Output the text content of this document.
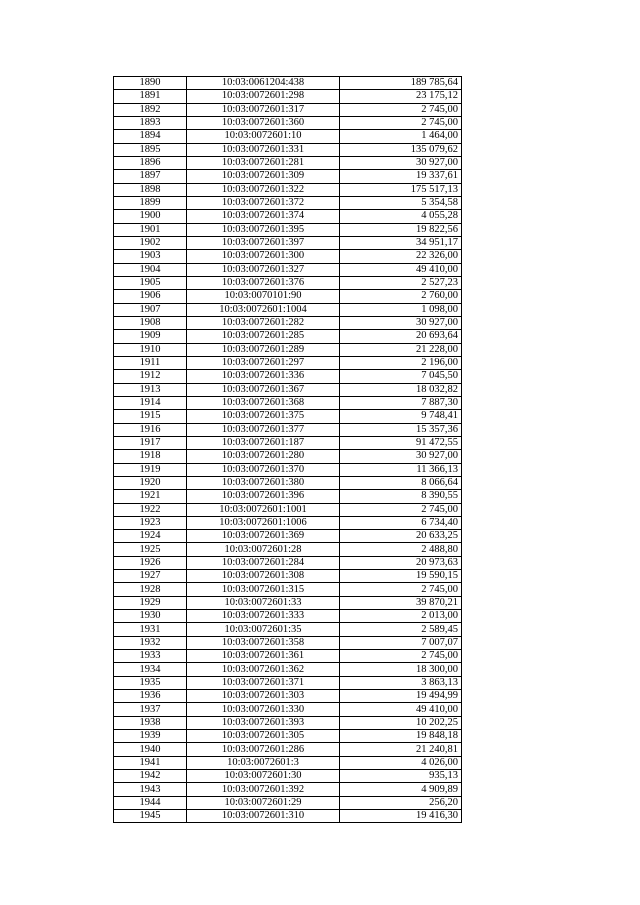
1890	10:03:0061204:438	189 785,64
1891	10:03:0072601:298	23 175,12
1892	10:03:0072601:317	2 745,00
1893	10:03:0072601:360	2 745,00
1894	10:03:0072601:10	1 464,00
1895	10:03:0072601:331	135 079,62
1896	10:03:0072601:281	30 927,00
1897	10:03:0072601:309	19 337,61
1898	10:03:0072601:322	175 517,13
1899	10:03:0072601:372	5 354,58
1900	10:03:0072601:374	4 055,28
1901	10:03:0072601:395	19 822,56
1902	10:03:0072601:397	34 951,17
1903	10:03:0072601:300	22 326,00
1904	10:03:0072601:327	49 410,00
1905	10:03:0072601:376	2 527,23
1906	10:03:0070101:90	2 760,00
1907	10:03:0072601:1004	1 098,00
1908	10:03:0072601:282	30 927,00
1909	10:03:0072601:285	20 693,64
1910	10:03:0072601:289	21 228,00
1911	10:03:0072601:297	2 196,00
1912	10:03:0072601:336	7 045,50
1913	10:03:0072601:367	18 032,82
1914	10:03:0072601:368	7 887,30
1915	10:03:0072601:375	9 748,41
1916	10:03:0072601:377	15 357,36
1917	10:03:0072601:187	91 472,55
1918	10:03:0072601:280	30 927,00
1919	10:03:0072601:370	11 366,13
1920	10:03:0072601:380	8 066,64
1921	10:03:0072601:396	8 390,55
1922	10:03:0072601:1001	2 745,00
1923	10:03:0072601:1006	6 734,40
1924	10:03:0072601:369	20 633,25
1925	10:03:0072601:28	2 488,80
1926	10:03:0072601:284	20 973,63
1927	10:03:0072601:308	19 590,15
1928	10:03:0072601:315	2 745,00
1929	10:03:0072601:33	39 870,21
1930	10:03:0072601:333	2 013,00
1931	10:03:0072601:35	2 589,45
1932	10:03:0072601:358	7 007,07
1933	10:03:0072601:361	2 745,00
1934	10:03:0072601:362	18 300,00
1935	10:03:0072601:371	3 863,13
1936	10:03:0072601:303	19 494,99
1937	10:03:0072601:330	49 410,00
1938	10:03:0072601:393	10 202,25
1939	10:03:0072601:305	19 848,18
1940	10:03:0072601:286	21 240,81
1941	10:03:0072601:3	4 026,00
1942	10:03:0072601:30	935,13
1943	10:03:0072601:392	4 909,89
1944	10:03:0072601:29	256,20
1945	10:03:0072601:310	19 416,30
